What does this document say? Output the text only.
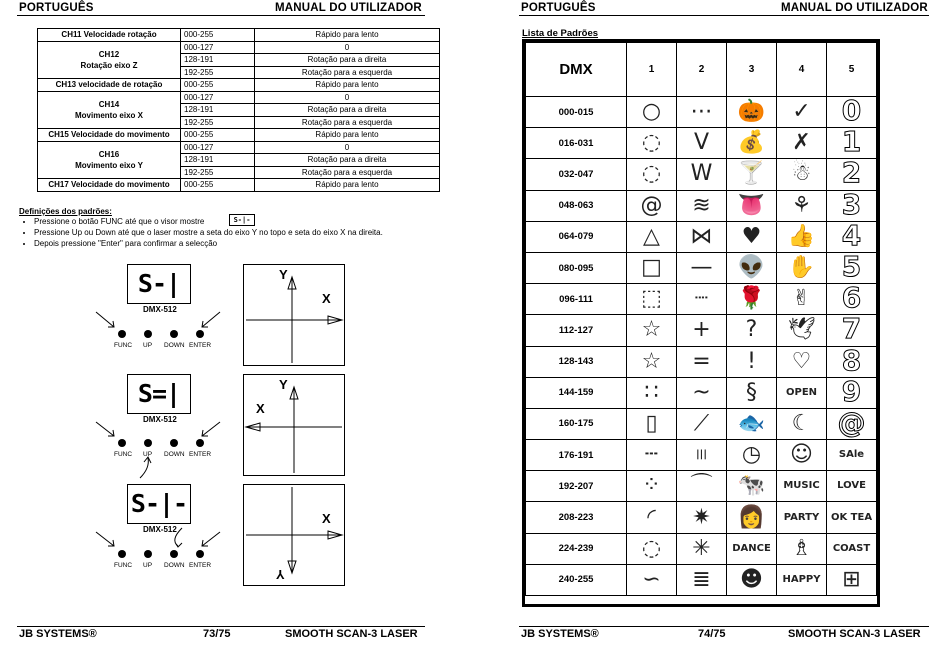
PORTUGUÊS	MANUAL DO UTILIZADOR
CH11 Velocidade rotação	000-255	Rápido para lento
CH12
Rotação eixo Z	000-127	0
	128-191	Rotação para a direita
	192-255	Rotação para a esquerda
CH13 velocidade de rotação	000-255	Rápido para lento
CH14
Movimento eixo X	000-127	0
	128-191	Rotação para a direita
	192-255	Rotação para a esquerda
CH15 Velocidade do movimento	000-255	Rápido para lento
CH16
Movimento eixo Y	000-127	0
	128-191	Rotação para a direita
	192-255	Rotação para a esquerda
CH17 Velocidade do movimento	000-255	Rápido para lento
Definições dos padrões:
• Pressione o botão FUNC até que o visor mostre
• Pressione Up ou Down até que o laser mostre a seta do eixo Y no topo e seta do eixo X na direita.
• Depois pressione "Enter" para confirmar a selecção
S-|-
S-|
DMX-512
FUNC UP DOWN ENTER
S=|
DMX-512
FUNC UP DOWN ENTER
S-|-
DMX-512
FUNC UP DOWN ENTER
Y
X
Y
X
X
Y
JB SYSTEMS®	73/75	SMOOTH SCAN-3 LASER
PORTUGUÊS	MANUAL DO UTILIZADOR
JB SYSTEMS®	74/75	SMOOTH SCAN-3 LASER
Lista de Padrões
DMX	1	2	3	4	5
000-015	○	⋯	🎃	✓	0
016-031	◌	V	💰	✗	1
032-047	◌	W	🍸	☃	2
048-063	@	≋	👅	⚘	3
064-079	△	⋈	♥	👍	4
080-095	□	—	👽	✋	5
096-111	⬚	┈	🌹	✌	6
112-127	☆	+	?	🕊	7
128-143	☆	=	!	♡	8
144-159	∷	~	§	OPEN	9
160-175	▯	⟋	🐟	☾	@
176-191	┄	|||	◷	☺	SAle
192-207	⁘	⌒	🐄	MUSIC	LOVE
208-223	◜	✷	👩	PARTY	OK TEA
224-239	◌	✳	DANCE	♗	COAST
240-255	∽	≣	☻	HAPPY	⊞
